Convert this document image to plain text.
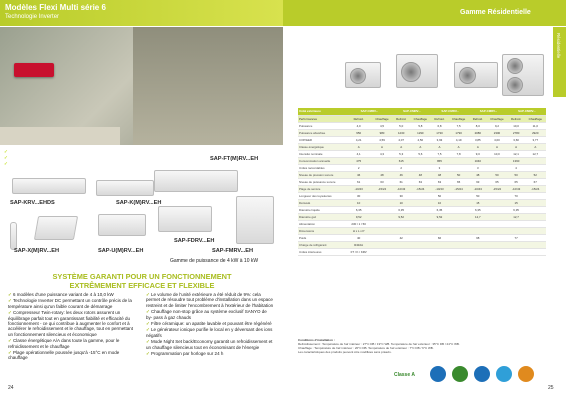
Modèles Flexi Multi série 6
Technologie Inverter
✓ Chauffage jusqu'à -15°C
✓ Régulage possible des flexi cycle de recharge
✓ Autres interventions possibles avec
fonctionnement prolongé
SAP-FT(M)RV...EH
SAP-KRV...EHDS	SAP-K(M)RV...EH
SAP-FDRV...EH
SAP-X(M)RV...EH	SAP-U(M)RV...EH	SAP-FMRV...EH
Gamme de puissance de 4 kW à 10 kW
SYSTÈME GARANTI POUR UN FONCTIONNEMENT
EXTRÊMEMENT EFFICACE ET FLEXIBLE
✓ 6 modèles d'une puissance variant de 4 à 10,0 kW
✓ Technologie Inverter DC permettant un contrôle précis de la température ainsi qu'un faible courant de démarrage
✓ Compresseur Twin-rotary: les deux rotors assurent un équilibrage parfait tout en garantissant fiabilité et efficacité du fonctionnement - ce qui contribue à augmenter le confort et à accélérer le refroidissement et le chauffage, tout en permettant un fonctionnement silencieux et économique
✓ Classe énergétique A/A dans toute la gamme, pour le refroidissement et le chauffage
✓ Plage opérationnelle poussée jusqu'à -15°C en mode chauffage
✓ Le volume de l'unité extérieure a été réduit de 9%: cela permet de résoudre tout problème d'installation dans un espace restreint et de limiter l'encombrement à l'extérieur de l'habitation
✓ Chauffage non-stop grâce au système exclusif SANYO de by- pass à gaz chauds
✓ Filtre céramique: un apatite lavable et pouvant être régénéré
✓ Le générateur ionique purifie le local en y déversant des ions négatifs
✓ Mode Night Set back/Economy garantit un refroidissement et un chauffage silencieux tout en économisant de l'énergie
✓ Programmation par horloge sur 24 h
24
Gamme Résidentielle
Résidentielle
Unité extérieure	SAP-CMRV...		SAP-CMRV...		SAP-CMRV...		SAP-CMRV...		SAP-CMRV...	
Performances	Refroid.	Chauffage	Refroid.	Chauffage	Refroid.	Chauffage	Refroid.	Chauffage	Refroid.	Chauffage
Puissance	4,0	4,5	5,0	5,8	6,8	7,5	8,0	9,2	10,0	11,0
Puissance absorbée	950	980	1230	1290	1730	1790	2080	2300	2780	2920
COP/EER	4,21	4,59	4,07	4,50	3,93	4,19	3,85	4,00	3,60	3,77
Classe énergétique	A	A	A	A	A	A	A	A	A	A
Intensité nominale	4,1	4,3	5,3	5,6	7,5	7,8	9,0	10,0	12,1	12,7
Consommation annuelle	475		615		865		1040		1390	
Unités raccordables	2		2		3		3		4	
Niveau de pression sonore	46	48	46	48	48	50	48	50	50	52
Niveau de puissance sonore	61	63	61	63	63	65	63	65	65	67
Plage de service	-10/43	-15/24	-10/43	-15/24	-10/43	-15/24	-10/43	-15/24	-10/43	-15/24
Longueur des tuyauteries	30		30		50		50		70	
Dénivelé	10		10		10		15		15	
Diamètre liquide	6,35		6,35		6,35		6,35		6,35	
Diamètre gaz	9,52		9,52		9,52		12,7		12,7	
Alimentation	230 / 1 / 50									
Dimensions	H x L x P									
Poids	40		42		66		68		77	
Charge de réfrigérant	R410A									
Unités intérieures	FT / K / KRV									
Conditions d'installation :
Refroidissement : Température de l'air intérieur : 27°C DB / 19°C WB. Température de l'air extérieur : 35°C DB / 24°C WB.
Chauffage : Température de l'air intérieur : 20°C DB. Température de l'air extérieur : 7°C DB / 6°C WB.
Les caractéristiques des produits peuvent être modifiées sans préavis.
Classe A
25
